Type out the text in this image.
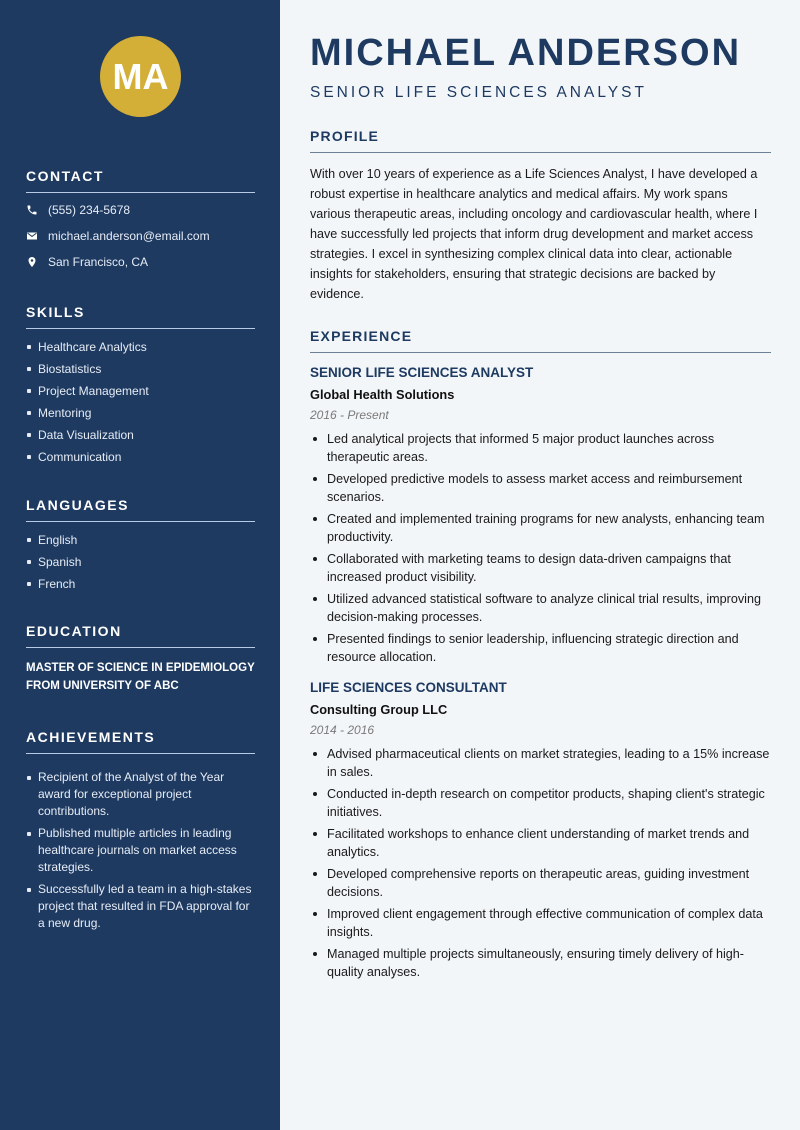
MA
CONTACT
(555) 234-5678
michael.anderson@email.com
San Francisco, CA
SKILLS
Healthcare Analytics
Biostatistics
Project Management
Mentoring
Data Visualization
Communication
LANGUAGES
English
Spanish
French
EDUCATION

MASTER OF SCIENCE IN EPIDEMIOLOGY FROM UNIVERSITY OF ABC

ACHIEVEMENTS
Recipient of the Analyst of the Year award for exceptional project contributions.
Published multiple articles in leading healthcare journals on market access strategies.
Successfully led a team in a high-stakes project that resulted in FDA approval for a new drug.
MICHAEL ANDERSON
SENIOR LIFE SCIENCES ANALYST
PROFILE

With over 10 years of experience as a Life Sciences Analyst, I have developed a robust expertise in healthcare analytics and medical affairs. My work spans various therapeutic areas, including oncology and cardiovascular health, where I have successfully led projects that inform drug development and market access strategies. I excel in synthesizing complex clinical data into clear, actionable insights for stakeholders, ensuring that strategic decisions are backed by evidence.

EXPERIENCE
SENIOR LIFE SCIENCES ANALYST
Global Health Solutions
2016 - Present
Led analytical projects that informed 5 major product launches across therapeutic areas.
Developed predictive models to assess market access and reimbursement scenarios.
Created and implemented training programs for new analysts, enhancing team productivity.
Collaborated with marketing teams to design data-driven campaigns that increased product visibility.
Utilized advanced statistical software to analyze clinical trial results, improving decision-making processes.
Presented findings to senior leadership, influencing strategic direction and resource allocation.
LIFE SCIENCES CONSULTANT
Consulting Group LLC
2014 - 2016
Advised pharmaceutical clients on market strategies, leading to a 15% increase in sales.
Conducted in-depth research on competitor products, shaping client's strategic initiatives.
Facilitated workshops to enhance client understanding of market trends and analytics.
Developed comprehensive reports on therapeutic areas, guiding investment decisions.
Improved client engagement through effective communication of complex data insights.
Managed multiple projects simultaneously, ensuring timely delivery of high-quality analyses.
